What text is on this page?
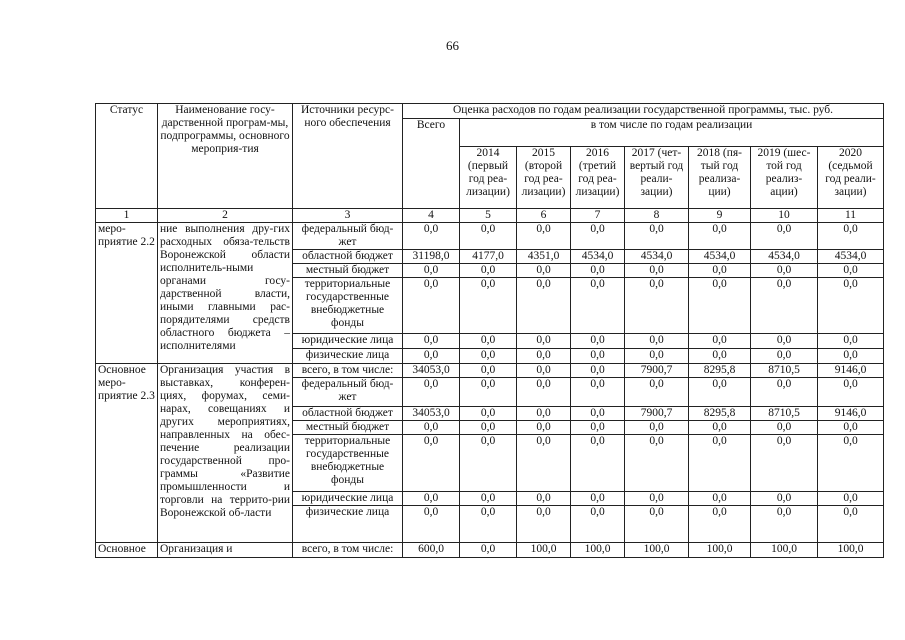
66
Статус	Наименование госу-дарственной програм-мы, подпрограммы, основного мероприя-тия	Источники ресурс-ного обеспечения	Оценка расходов по годам реализации государственной программы, тыс. руб.							
			Всего	в том числе по годам реализации						
				2014 (первый год реа-лизации)	2015 (второй год реа-лизации)	2016 (третий год реа-лизации)	2017 (чет-вертый год реали-зации)	2018 (пя-тый год реализа-ции)	2019 (шес-той год реализ-ации)	2020 (седьмой год реали-зации)
1	2	3	4	5	6	7	8	9	10	11
меро-приятие 2.2	ние выполнения дру-гих расходных обяза-тельств Воронежской области исполнитель-ными органами госу-дарственной власти, иными главными рас-порядителями средств областного бюджета – исполнителями	федеральный бюд-жет	0,0	0,0	0,0	0,0	0,0	0,0	0,0	0,0
		областной бюджет	31198,0	4177,0	4351,0	4534,0	4534,0	4534,0	4534,0	4534,0
		местный бюджет	0,0	0,0	0,0	0,0	0,0	0,0	0,0	0,0
		территориальные государственные внебюджетные фонды	0,0	0,0	0,0	0,0	0,0	0,0	0,0	0,0
		юридические лица	0,0	0,0	0,0	0,0	0,0	0,0	0,0	0,0
		физические лица	0,0	0,0	0,0	0,0	0,0	0,0	0,0	0,0
Основное меро-приятие 2.3	Организация участия в выставках, конферен-циях, форумах, семи-нарах, совещаниях и других мероприятиях, направленных на обес-печение реализации государственной про-граммы «Развитие промышленности и торговли на террито-рии Воронежской об-ласти	всего, в том числе:	34053,0	0,0	0,0	0,0	7900,7	8295,8	8710,5	9146,0
		федеральный бюд-жет	0,0	0,0	0,0	0,0	0,0	0,0	0,0	0,0
		областной бюджет	34053,0	0,0	0,0	0,0	7900,7	8295,8	8710,5	9146,0
		местный бюджет	0,0	0,0	0,0	0,0	0,0	0,0	0,0	0,0
		территориальные государственные внебюджетные фонды	0,0	0,0	0,0	0,0	0,0	0,0	0,0	0,0
		юридические лица	0,0	0,0	0,0	0,0	0,0	0,0	0,0	0,0
		физические лица	0,0	0,0	0,0	0,0	0,0	0,0	0,0	0,0
Основное	Организация и	всего, в том числе:	600,0	0,0	100,0	100,0	100,0	100,0	100,0	100,0
